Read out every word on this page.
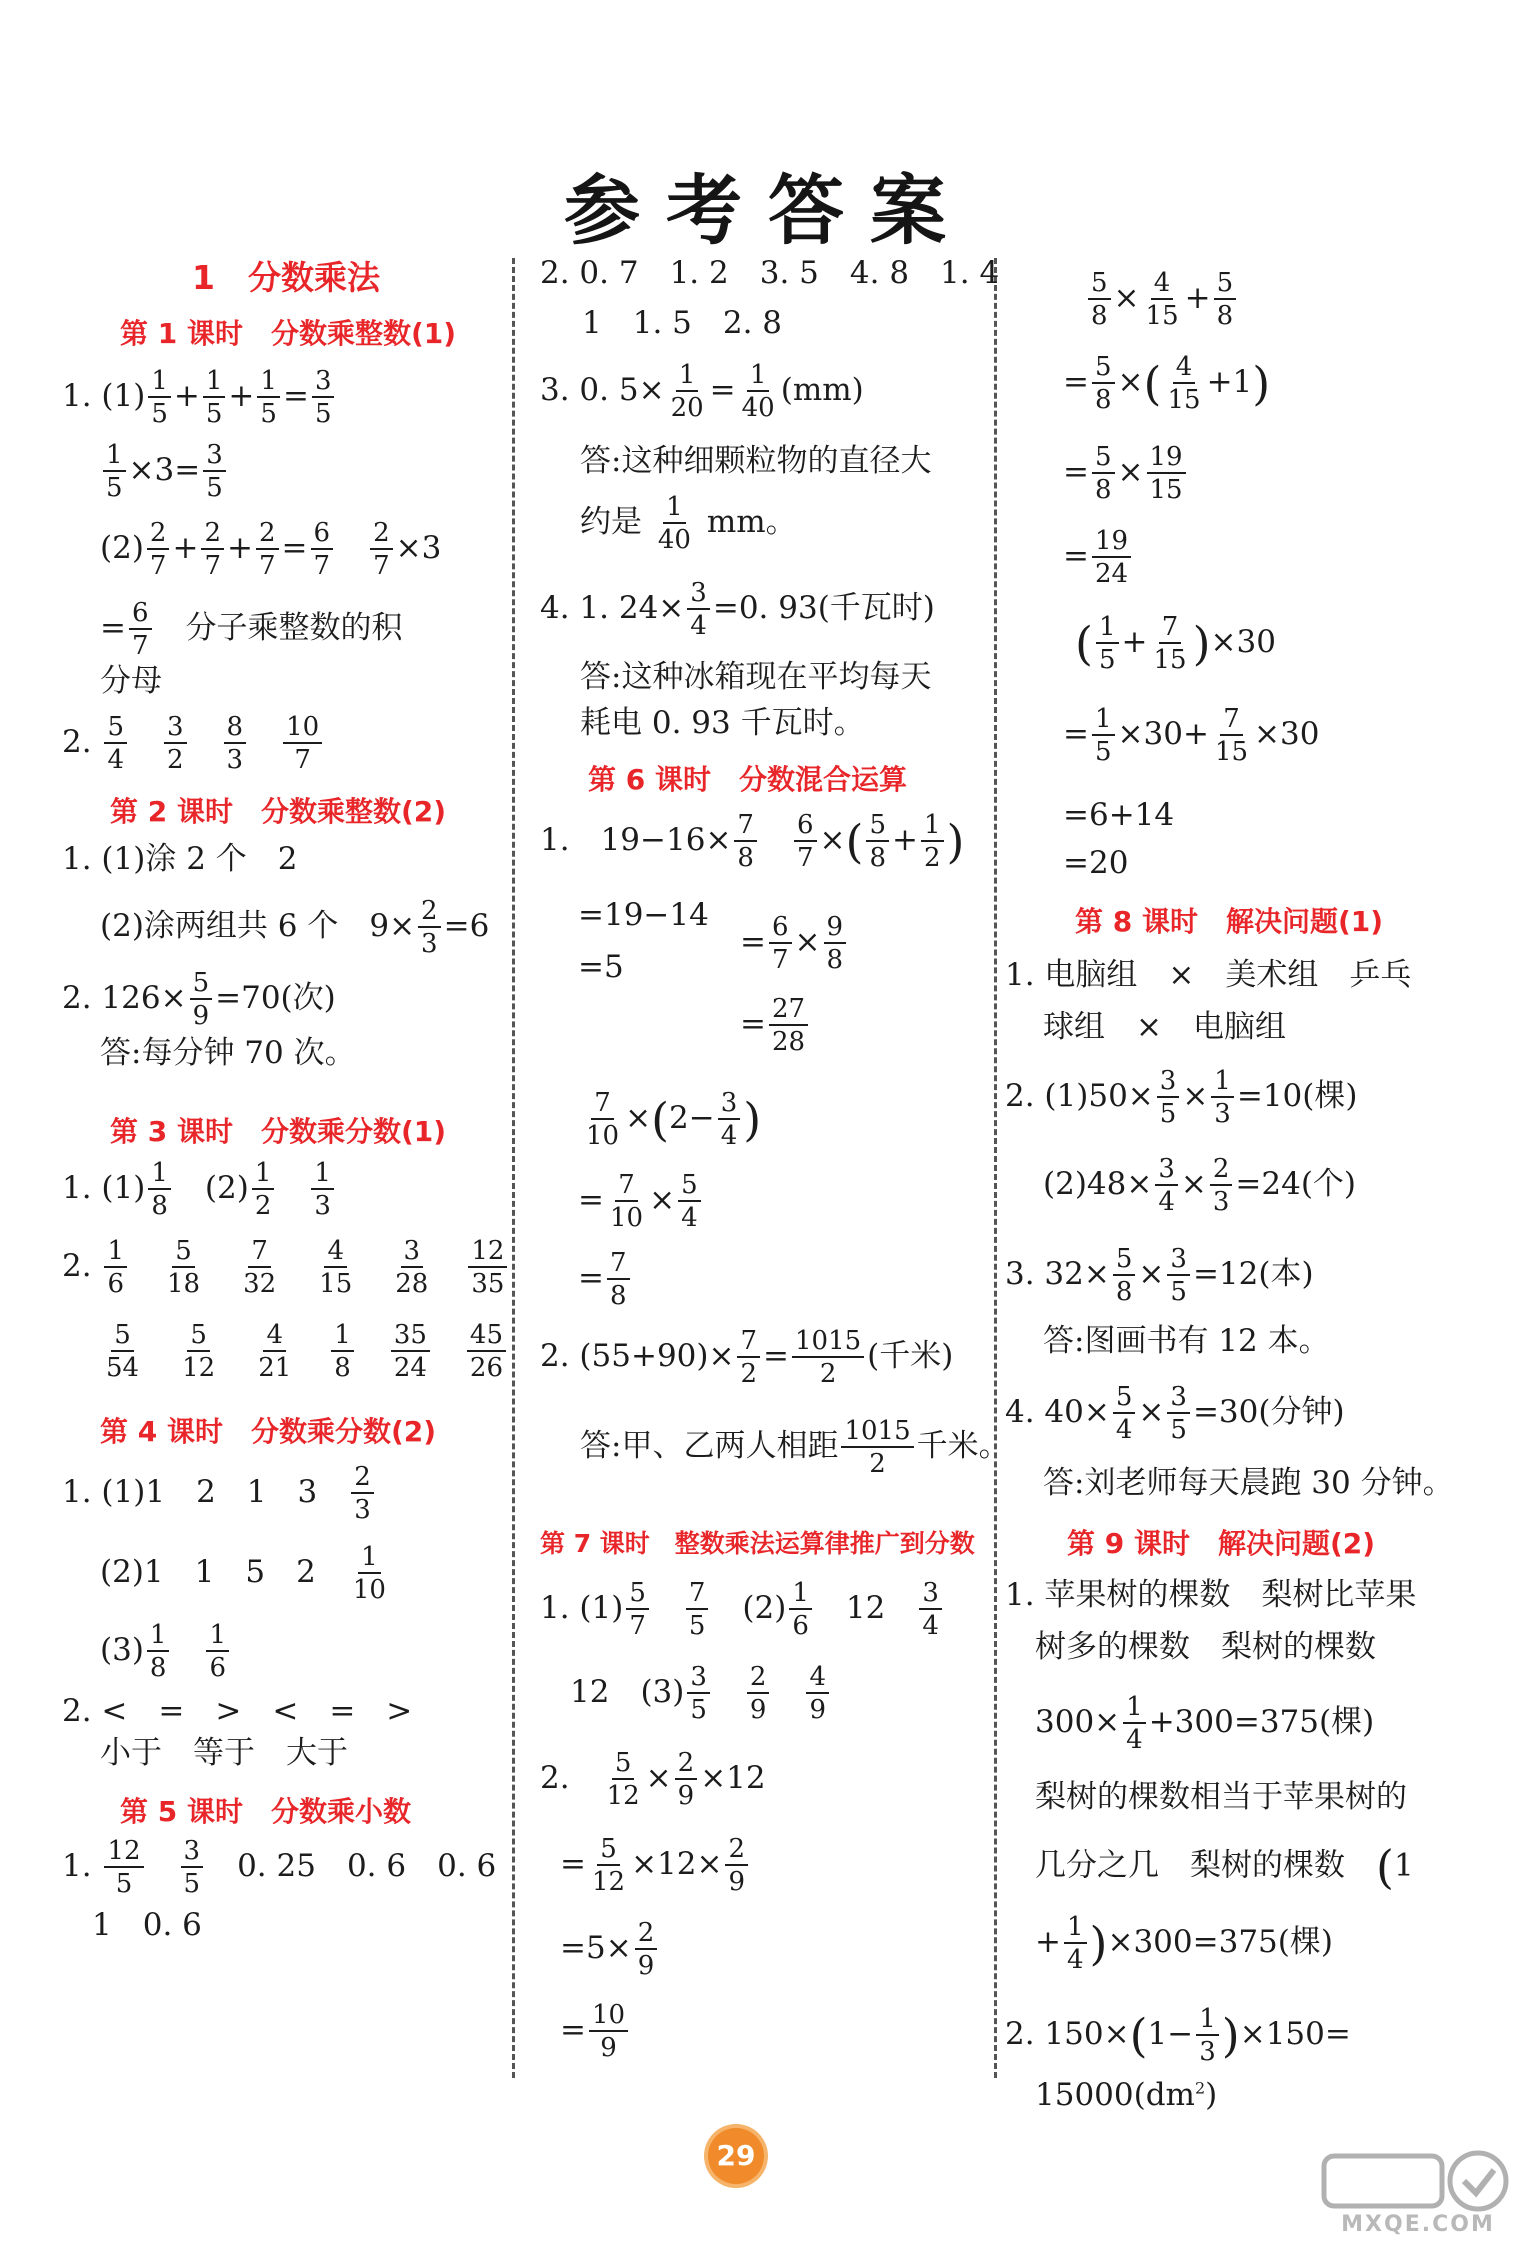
参考答案
1　分数乘法
第 1 课时　分数乘整数(1)
1. $(1) \frac{1}{5} + \frac{1}{5} + \frac{1}{5} = \frac{3}{5}$
$\frac{1}{5} \times 3= \frac{3}{5}$
$(2) \frac{2}{7} + \frac{2}{7} + \frac{2}{7} = \frac{6}{7}$
　 $\frac{2}{7} \times 3$
= $\frac{6}{7}$
　 分子乘整数的积
分母
2. $\frac{5}{4}$
　 $\frac{3}{2}$
　 $\frac{8}{3}$
　 $\frac{10}{7}$
第 2 课时　分数乘整数(2)
1. (1)涂 2 个　2
(2)涂两组共 6 个　$9\times \frac{2}{3} =6$
2. $126\times \frac{5}{9} =70$(次)
答:每分钟 70 次。
第 3 课时　分数乘分数(1)
1. $(1) \frac{1}{8}$ 　$(2) \frac{1}{2}$
　 $\frac{1}{3}$
2. $\frac{1}{6}$
　 $\frac{5}{18}$
　 $\frac{7}{32}$
　 $\frac{4}{15}$
　 $\frac{3}{28}$
　 $\frac{12}{35}$
$\frac{5}{54}$
　 $\frac{5}{12}$
　 $\frac{4}{21}$
　 $\frac{1}{8}$
　 $\frac{35}{24}$
　 $\frac{45}{26}$
第 4 课时　分数乘分数(2)
1. (1)1　2　1　3　 $\frac{2}{3}$
(2)1　1　5　2　 $\frac{1}{10}$
$(3) \frac{1}{8}$
　 $\frac{1}{6}$
2. <　=　>　<　=　>
小于　等于　大于
第 5 课时　分数乘小数
1. $\frac{12}{5}$
　 $\frac{3}{5}$
　 0. 25　0. 6　0. 6
1　0. 6
2. 0. 7　1. 2　3. 5　4. 8　1. 4
1　1. 5　2. 8
3. 0. $5\times \frac{1}{20} = \frac{1}{40} (mm)$
答:这种细颗粒物的直径大
约是 $\frac{1}{40}$ mm。
4. 1. $24\times \frac{3}{4} =0$. 93(千瓦时)
答:这种冰箱现在平均每天
耗电 0. 93 千瓦时。
第 6 课时　分数混合运算
1.　$19-16\times \frac{7}{8}$
　 $\frac{6}{7}$ ×( $\frac{5}{8} + \frac{1}{2}$ )
=19−14
=5
= $\frac{6}{7} \times \frac{9}{8}$
= $\frac{27}{28}$
$\frac{7}{10} \times(2- \frac{3}{4}$ )
= $\frac{7}{10} \times \frac{5}{4}$
= $\frac{7}{8}$
2. $(55+90)\times \frac{7}{2} = \frac{1015}{2}$ (千米)
答:甲、乙两人相距 $\frac{1015}{2}$ 千米。
第 7 课时　整数乘法运算律推广到分数
1. $(1) \frac{5}{7}$
　 $\frac{7}{5}$ 　$(2) \frac{1}{6}$ 　12　 $\frac{3}{4}$
12　$(3) \frac{3}{5}$
　 $\frac{2}{9}$
　 $\frac{4}{9}$
2.　 $\frac{5}{12} \times \frac{2}{9} \times 12$
= $\frac{5}{12} \times 12\times \frac{2}{9}$
$=5\times \frac{2}{9}$
= $\frac{10}{9}$
$\frac{5}{8} \times \frac{4}{15} + \frac{5}{8}$
= $\frac{5}{8}$ ×( $\frac{4}{15} +1$)
= $\frac{5}{8} \times \frac{19}{15}$
= $\frac{19}{24}$
( $\frac{1}{5} + \frac{7}{15} )\times 30$
= $\frac{1}{5} \times 30+ \frac{7}{15} \times 30$
=6+14
=20
第 8 课时　解决问题(1)
1. 电脑组　×　美术组　乒乓
球组　×　电脑组
2. $(1)50\times \frac{3}{5} \times \frac{1}{3} =10$(棵)
$(2)48\times \frac{3}{4} \times \frac{2}{3} =24$(个)
3. $32\times \frac{5}{8} \times \frac{3}{5} =12$(本)
答:图画书有 12 本。
4. $40\times \frac{5}{4} \times \frac{3}{5} =30$(分钟)
答:刘老师每天晨跑 30 分钟。
第 9 课时　解决问题(2)
1. 苹果树的棵数　梨树比苹果
树多的棵数　梨树的棵数
$300\times \frac{1}{4} +300=375$(棵)
梨树的棵数相当于苹果树的
几分之几　梨树的棵数　 (1
+ $\frac{1}{4} )\times 300=375$(棵)
2. $150\times(1- \frac{1}{3} )\times 150=$
$15000(dm^2)$
29
MXQE.COM
